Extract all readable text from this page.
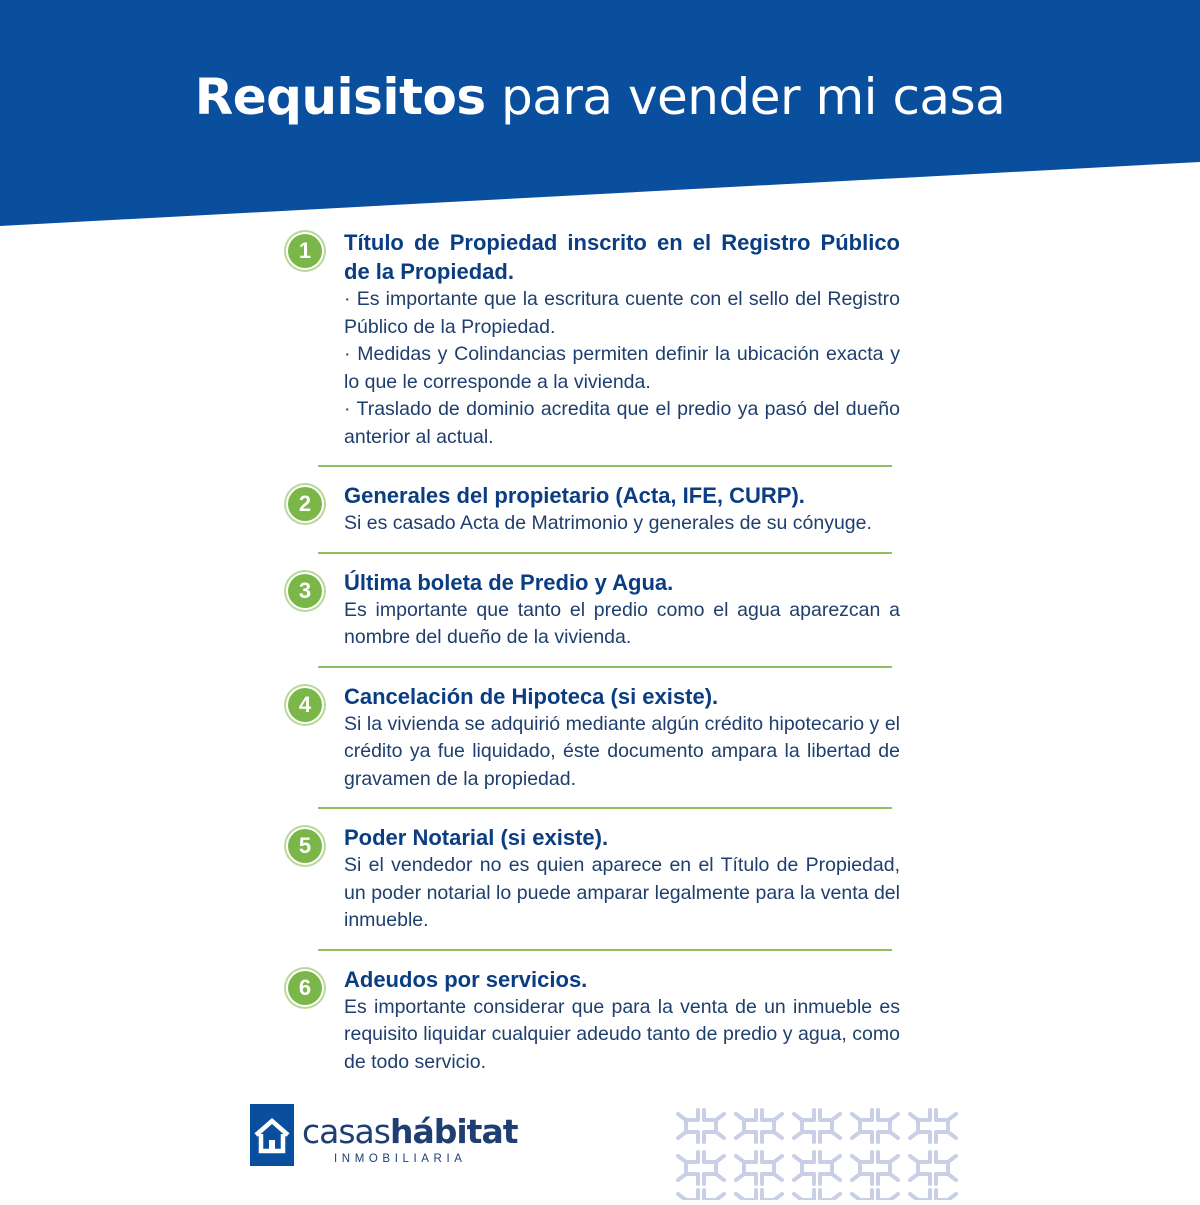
Requisitos para vender mi casa
1	Título de Propiedad inscrito en el Registro Público de la Propiedad.

· Es importante que la escritura cuente con el sello del Registro Público de la Propiedad.

· Medidas y Colindancias permiten definir la ubicación exacta y lo que le corresponde a la vivienda.

· Traslado de dominio acredita que el predio ya pasó del dueño anterior al actual.

2	Generales del propietario (Acta, IFE, CURP).

Si es casado Acta de Matrimonio y generales de su cónyuge.

3	Última boleta de Predio y Agua.

Es importante que tanto el predio como el agua aparezcan a nombre del dueño de la vivienda.

4	Cancelación de Hipoteca (si existe).

Si la vivienda se adquirió mediante algún crédito hipotecario y el crédito ya fue liquidado, éste documento ampara la libertad de gravamen de la propiedad.

5	Poder Notarial (si existe).

Si el vendedor no es quien aparece en el Título de Propiedad, un poder notarial lo puede amparar legalmente para la venta del inmueble.

6	Adeudos por servicios.

Es importante considerar que para la venta de un inmueble es requisito liquidar cualquier adeudo tanto de predio y agua, como de todo servicio.

casashábitat
INMOBILIARIA
